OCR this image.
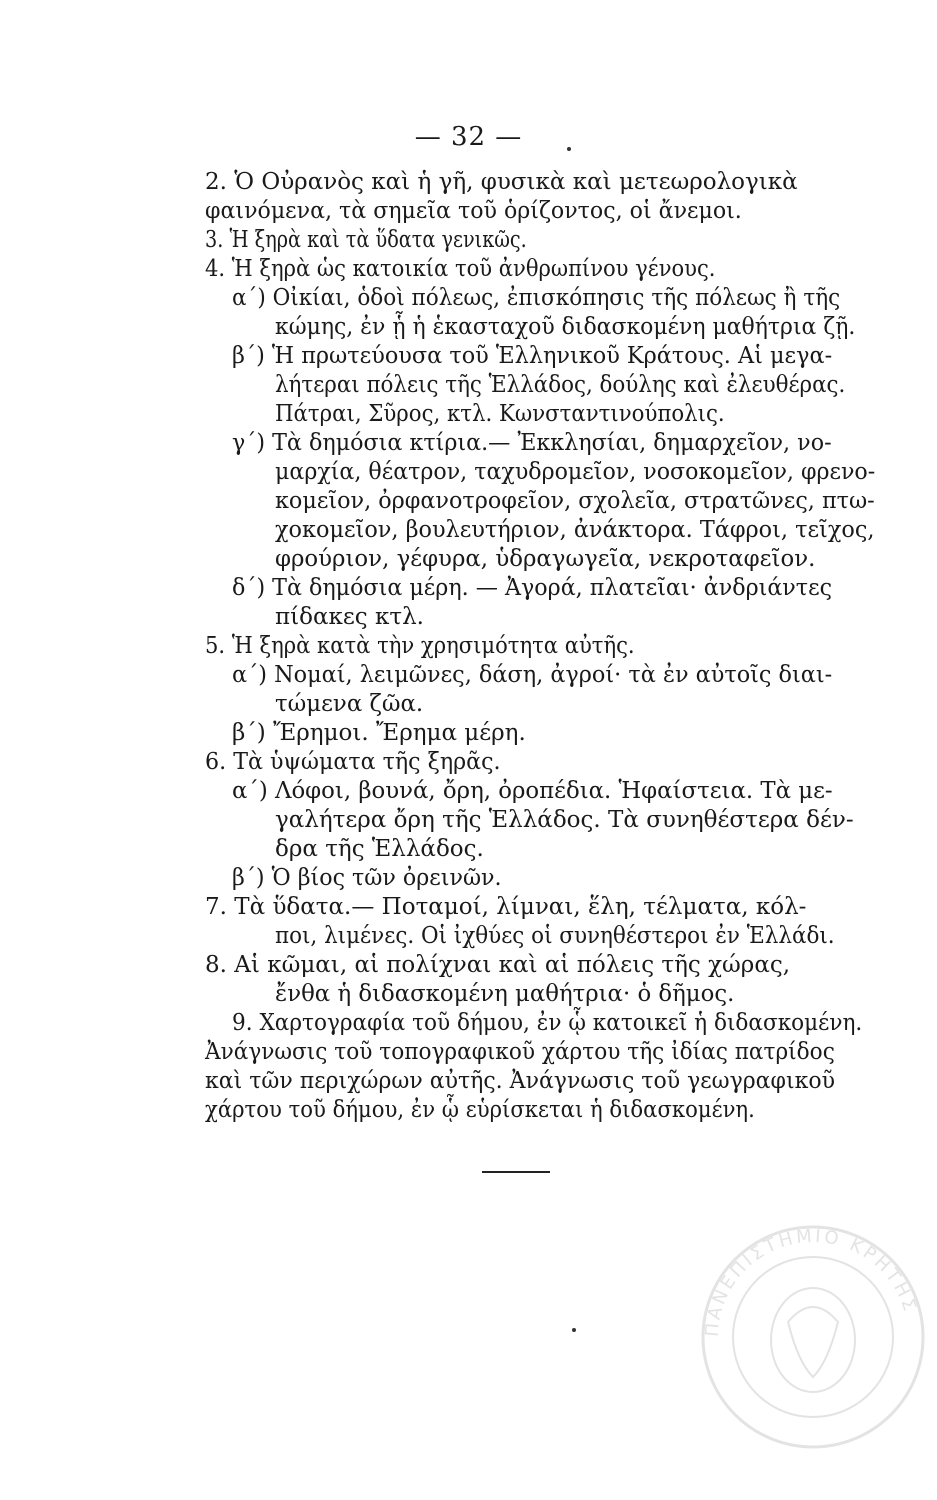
— 32 —
2. Ὁ Οὐρανὸς καὶ ἡ γῆ, φυσικὰ καὶ μετεωρολογικὰ
φαινόμενα, τὰ σημεῖα τοῦ ὁρίζοντος, οἱ ἄνεμοι.
3. Ἡ ξηρὰ καὶ τὰ ὕδατα γενικῶς.
4. Ἡ ξηρὰ ὡς κατοικία τοῦ ἀνθρωπίνου γένους.
α΄) Οἰκίαι, ὁδοὶ πόλεως, ἐπισκόπησις τῆς πόλεως ἢ τῆς
κώμης, ἐν ᾗ ἡ ἑκασταχοῦ διδασκομένη μαθήτρια ζῇ.
β΄) Ἡ πρωτεύουσα τοῦ Ἑλληνικοῦ Κράτους. Αἱ μεγα-
λήτεραι πόλεις τῆς Ἑλλάδος, δούλης καὶ ἐλευθέρας.
Πάτραι, Σῦρος, κτλ. Κωνσταντινούπολις.
γ΄) Τὰ δημόσια κτίρια.— Ἐκκλησίαι, δημαρχεῖον, νο-
μαρχία, θέατρον, ταχυδρομεῖον, νοσοκομεῖον, φρενο-
κομεῖον, ὀρφανοτροφεῖον, σχολεῖα, στρατῶνες, πτω-
χοκομεῖον, βουλευτήριον, ἀνάκτορα. Τάφροι, τεῖχος,
φρούριον, γέφυρα, ὑδραγωγεῖα, νεκροταφεῖον.
δ΄) Τὰ δημόσια μέρη. — Ἀγορά, πλατεῖαι· ἀνδριάντες
πίδακες κτλ.
5. Ἡ ξηρὰ κατὰ τὴν χρησιμότητα αὐτῆς.
α΄) Νομαί, λειμῶνες, δάση, ἀγροί· τὰ ἐν αὐτοῖς διαι-
τώμενα ζῶα.
β΄) Ἔρημοι. Ἔρημα μέρη.
6. Τὰ ὑψώματα τῆς ξηρᾶς.
α΄) Λόφοι, βουνά, ὄρη, ὀροπέδια. Ἡφαίστεια. Τὰ με-
γαλήτερα ὄρη τῆς Ἑλλάδος. Τὰ συνηθέστερα δέν-
δρα τῆς Ἑλλάδος.
β΄) Ὁ βίος τῶν ὀρεινῶν.
7. Τὰ ὕδατα.— Ποταμοί, λίμναι, ἕλη, τέλματα, κόλ-
ποι, λιμένες. Οἱ ἰχθύες οἱ συνηθέστεροι ἐν Ἑλλάδι.
8. Αἱ κῶμαι, αἱ πολίχναι καὶ αἱ πόλεις τῆς χώρας,
ἔνθα ἡ διδασκομένη μαθήτρια· ὁ δῆμος.
9. Χαρτογραφία τοῦ δήμου, ἐν ᾧ κατοικεῖ ἡ διδασκομένη.
Ἀνάγνωσις τοῦ τοπογραφικοῦ χάρτου τῆς ἰδίας πατρίδος
καὶ τῶν περιχώρων αὐτῆς. Ἀνάγνωσις τοῦ γεωγραφικοῦ
χάρτου τοῦ δήμου, ἐν ᾧ εὑρίσκεται ἡ διδασκομένη.
ΠΑΝΕΠΙΣΤΗΜΙΟ ΚΡΗΤΗΣ
